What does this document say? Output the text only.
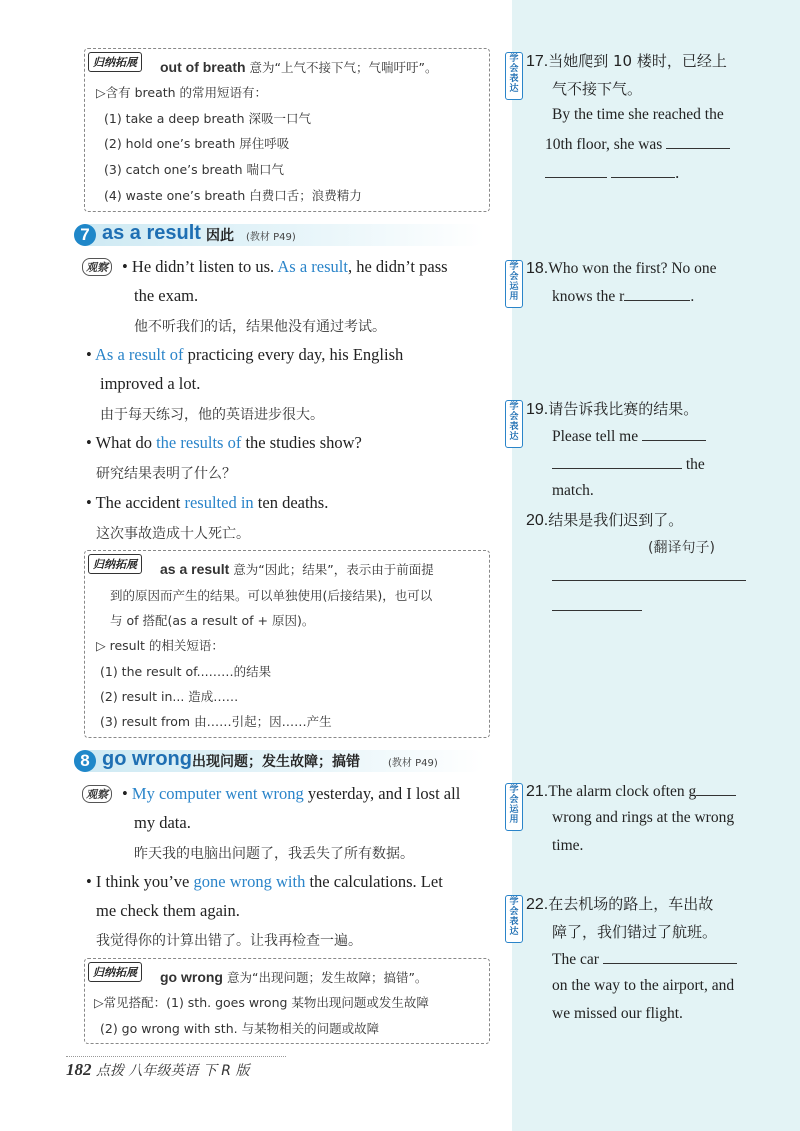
归纳拓展	out of breath 意为“上气不接下气；气喘吁吁”。
▷含有 breath 的常用短语有：
(1) take a deep breath 深吸一口气
(2) hold one’s breath 屏住呼吸
(3) catch one’s breath 喘口气
(4) waste one’s breath 白费口舌；浪费精力
7 as a result 因此 (教材 P49)
观察 • He didn’t listen to us. As a result, he didn’t pass
the exam.
他不听我们的话，结果他没有通过考试。
• As a result of practicing every day, his English
improved a lot.
由于每天练习，他的英语进步很大。
• What do the results of the studies show?
研究结果表明了什么？
• The accident resulted in ten deaths.
这次事故造成十人死亡。
归纳拓展	as a result 意为“因此；结果”，表示由于前面提
到的原因而产生的结果。可以单独使用(后接结果)，也可以
与 of 搭配(as a result of + 原因)。
▷ result 的相关短语：
(1) the result of...……的结果
(2) result in... 造成……
(3) result from 由……引起；因……产生
8 go wrong 出现问题；发生故障；搞错	(教材 P49)
观察 • My computer went wrong yesterday, and I lost all
my data.
昨天我的电脑出问题了，我丢失了所有数据。
• I think you’ve gone wrong with the calculations. Let
me check them again.
我觉得你的计算出错了。让我再检查一遍。
归纳拓展	go wrong 意为“出现问题；发生故障；搞错”。
▷常见搭配：(1) sth. goes wrong 某物出现问题或发生故障
(2) go wrong with sth. 与某物相关的问题或故障
182 点拨 八年级英语 下 R 版
学会表达
17.当她爬到 10 楼时，已经上
气不接下气。
By the time she reached the
10th floor, she was
.
学会运用
18.Who won the first? No one
knows the r	.
学会表达
19.请告诉我比赛的结果。
Please tell me
the
match.
20.结果是我们迟到了。
(翻译句子)
学会运用
21.The alarm clock often g
wrong and rings at the wrong
time.
学会表达
22.在去机场的路上，车出故
障了，我们错过了航班。
The car
on the way to the airport, and
we missed our flight.
